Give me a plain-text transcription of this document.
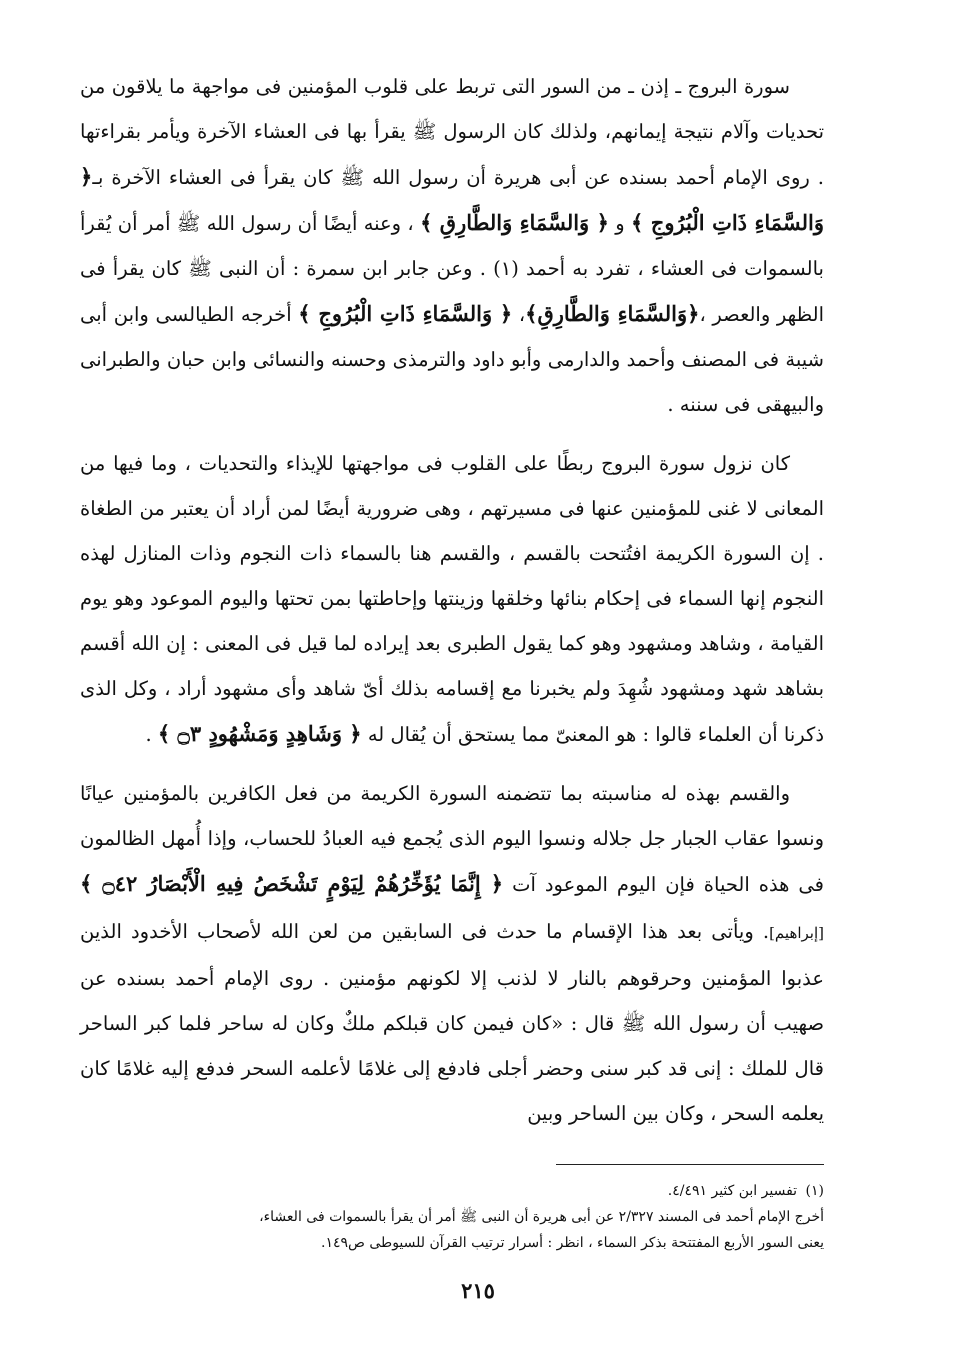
سورة البروج ـ إذن ـ من السور التى تربط على قلوب المؤمنين فى مواجهة ما يلاقون من تحديات وآلام نتيجة إيمانهم، ولذلك كان الرسول ﷺ يقرأ بها فى العشاء الآخرة ويأمر بقراءتها . روى الإمام أحمد بسنده عن أبى هريرة أن رسول الله ﷺ كان يقرأ فى العشاء الآخرة بـ﴿ وَالسَّمَاءِ ذَاتِ الْبُرُوجِ ﴾ و ﴿ وَالسَّمَاءِ وَالطَّارِقِ ﴾ ، وعنه أيضًا أن رسول الله ﷺ أمر أن يُقرأ بالسموات فى العشاء ، تفرد به أحمد (١) . وعن جابر ابن سمرة : أن النبى ﷺ كان يقرأ فى الظهر والعصر ،﴿وَالسَّمَاءِ وَالطَّارِقِ﴾، ﴿ وَالسَّمَاءِ ذَاتِ الْبُرُوجِ ﴾ أخرجه الطيالسى وابن أبى شيبة فى المصنف وأحمد والدارمى وأبو داود والترمذى وحسنه والنسائى وابن حبان والطبرانى والبيهقى فى سننه .

كان نزول سورة البروج ربطًا على القلوب فى مواجهتها للإيذاء والتحديات ، وما فيها من المعانى لا غنى للمؤمنين عنها فى مسيرتهم ، وهى ضرورية أيضًا لمن أراد أن يعتبر من الطغاة . إن السورة الكريمة افتُتحت بالقسم ، والقسم هنا بالسماء ذات النجوم وذات المنازل لهذه النجوم إنها السماء فى إحكام بنائها وخلقها وزينتها وإحاطتها بمن تحتها واليوم الموعود وهو يوم القيامة ، وشاهد ومشهود وهو كما يقول الطبرى بعد إيراده لما قيل فى المعنى : إن الله أقسم بشاهد شهد ومشهود شُهِدَ ولم يخبرنا مع إقسامه بذلك أىّ شاهد وأى مشهود أراد ، وكل الذى ذكرنا أن العلماء قالوا : هو المعنىّ مما يستحق أن يُقال له ﴿ وَشَاهِدٍ وَمَشْهُودٍ ۝٣ ﴾ .

والقسم بهذه له مناسبته بما تتضمنه السورة الكريمة من فعل الكافرين بالمؤمنين عيانًا ونسوا عقاب الجبار جل جلاله ونسوا اليوم الذى يُجمع فيه العبادُ للحساب، وإذا أُمهل الظالمون فى هذه الحياة فإن اليوم الموعود آت ﴿ إِنَّمَا يُؤَخِّرُهُمْ لِيَوْمٍ تَشْخَصُ فِيهِ الْأَبْصَارُ ۝٤٢ ﴾ [إبراهيم]. ويأتى بعد هذا الإقسام ما حدث فى السابقين من لعن الله لأصحاب الأخدود الذين عذبوا المؤمنين وحرقوهم بالنار لا لذنب إلا لكونهم مؤمنين . روى الإمام أحمد بسنده عن صهيب أن رسول الله ﷺ قال : «كان فيمن كان قبلكم ملكٌ وكان له ساحر فلما كبر الساحر قال للملك : إنى قد كبر سنى وحضر أجلى فادفع إلى غلامًا لأعلمه السحر فدفع إليه غلامًا كان يعلمه السحر ، وكان بين الساحر وبين

(١) تفسير ابن كثير ٤/٤٩١.

أخرج الإمام أحمد فى المسند ٢/٣٢٧ عن أبى هريرة أن النبى ﷺ أمر أن يقرأ بالسموات فى العشاء،

يعنى السور الأربع المفتتحة بذكر السماء ، انظر : أسرار ترتيب القرآن للسيوطى ص١٤٩.

٢١٥
